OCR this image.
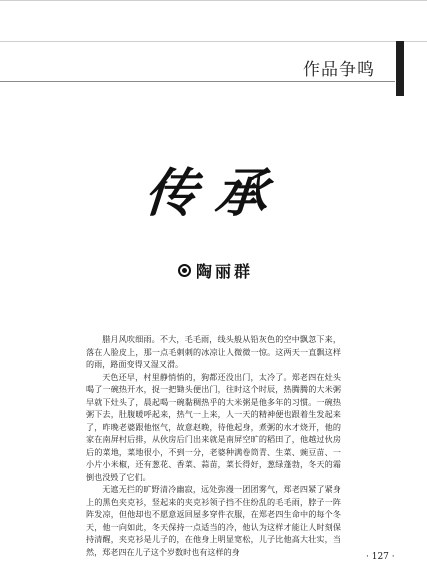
作品争鸣
传承
陶丽群

腊月风吹细雨。不大，毛毛雨，线头般从铅灰色的空中飘忽下来，落在人脸皮上，那一点毛刺刺的冰凉让人微微一惊。这两天一直飘这样的雨，路面变得又湿又滑。

天色还早，村里静悄悄的，狗都还没出门，太冷了。郑老四在灶头喝了一碗热开水，捉一把锄头便出门，往时这个时辰，热腾腾的大米粥早就下灶头了，晨起喝一碗黏稠热乎的大米粥是他多年的习惯。一碗热粥下去，肚腹暖呼起来，热气一上来，人一天的精神便也跟着生发起来了，昨晚老婆跟他怄气，故意赵晚，待他起身，煮粥的水才烧开，他的家在南屏村后排，从伙房后门出来就是南屏空旷的稻田了，他越过伙房后的菜地，菜地很小，不到一分，老婆种满卷筒青、生菜、豌豆苗、一小片小米椒，还有葱花、香菜、蒜苗，菜长得好，葱绿蓬勃，冬天的霜倒也没毁了它们。

无遮无拦的旷野清冷幽寂，远处弥漫一团团雾气，郑老四紧了紧身上的黑色夹克衫，竖起来的夹克衫领子挡不住纷乱的毛毛雨，脖子一阵阵发凉，但他却也不愿意返回屋多穿件衣服，在郑老四生命中的每个冬天，他一向如此，冬天保持一点适当的冷，他认为这样才能让人时刻保持清醒，夹克衫是儿子的，在他身上明显宽松，儿子比他高大壮实，当然，郑老四在儿子这个岁数时也有这样的身

· 127 ·
